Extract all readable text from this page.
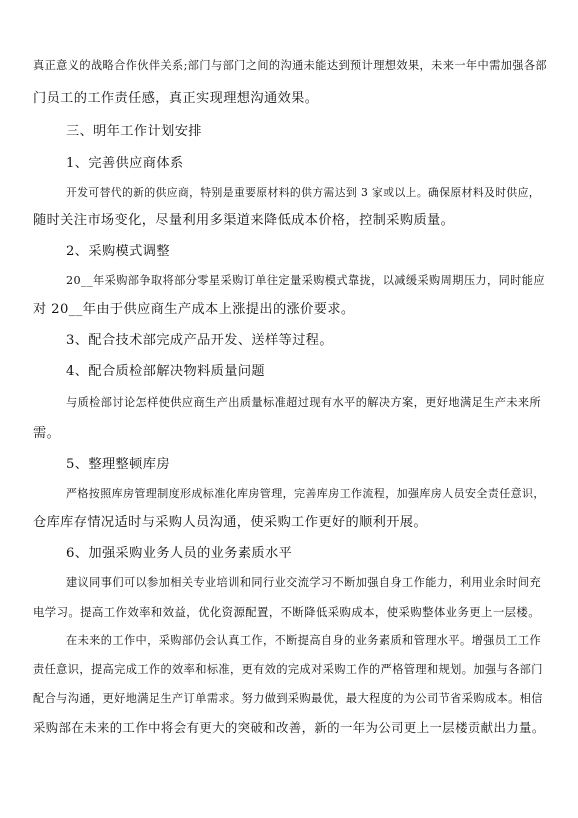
真正意义的战略合作伙伴关系;部门与部门之间的沟通未能达到预计理想效果，未来一年中需加强各部
门员工的工作责任感，真正实现理想沟通效果。
三、明年工作计划安排
1、完善供应商体系
开发可替代的新的供应商，特别是重要原材料的供方需达到 3 家或以上。确保原材料及时供应，
随时关注市场变化，尽量利用多渠道来降低成本价格，控制采购质量。
2、采购模式调整
20__年采购部争取将部分零星采购订单往定量采购模式靠拢，以减缓采购周期压力，同时能应
对 20__年由于供应商生产成本上涨提出的涨价要求。
3、配合技术部完成产品开发、送样等过程。
4、配合质检部解决物料质量问题
与质检部讨论怎样使供应商生产出质量标准超过现有水平的解决方案，更好地满足生产未来所
需。
5、整理整顿库房
严格按照库房管理制度形成标准化库房管理，完善库房工作流程，加强库房人员安全责任意识，
仓库库存情况适时与采购人员沟通，使采购工作更好的顺利开展。
6、加强采购业务人员的业务素质水平
建议同事们可以参加相关专业培训和同行业交流学习不断加强自身工作能力，利用业余时间充
电学习。提高工作效率和效益，优化资源配置，不断降低采购成本，使采购整体业务更上一层楼。
在未来的工作中，采购部仍会认真工作，不断提高自身的业务素质和管理水平。增强员工工作
责任意识，提高完成工作的效率和标准，更有效的完成对采购工作的严格管理和规划。加强与各部门
配合与沟通，更好地满足生产订单需求。努力做到采购最优，最大程度的为公司节省采购成本。相信
采购部在未来的工作中将会有更大的突破和改善，新的一年为公司更上一层楼贡献出力量。
